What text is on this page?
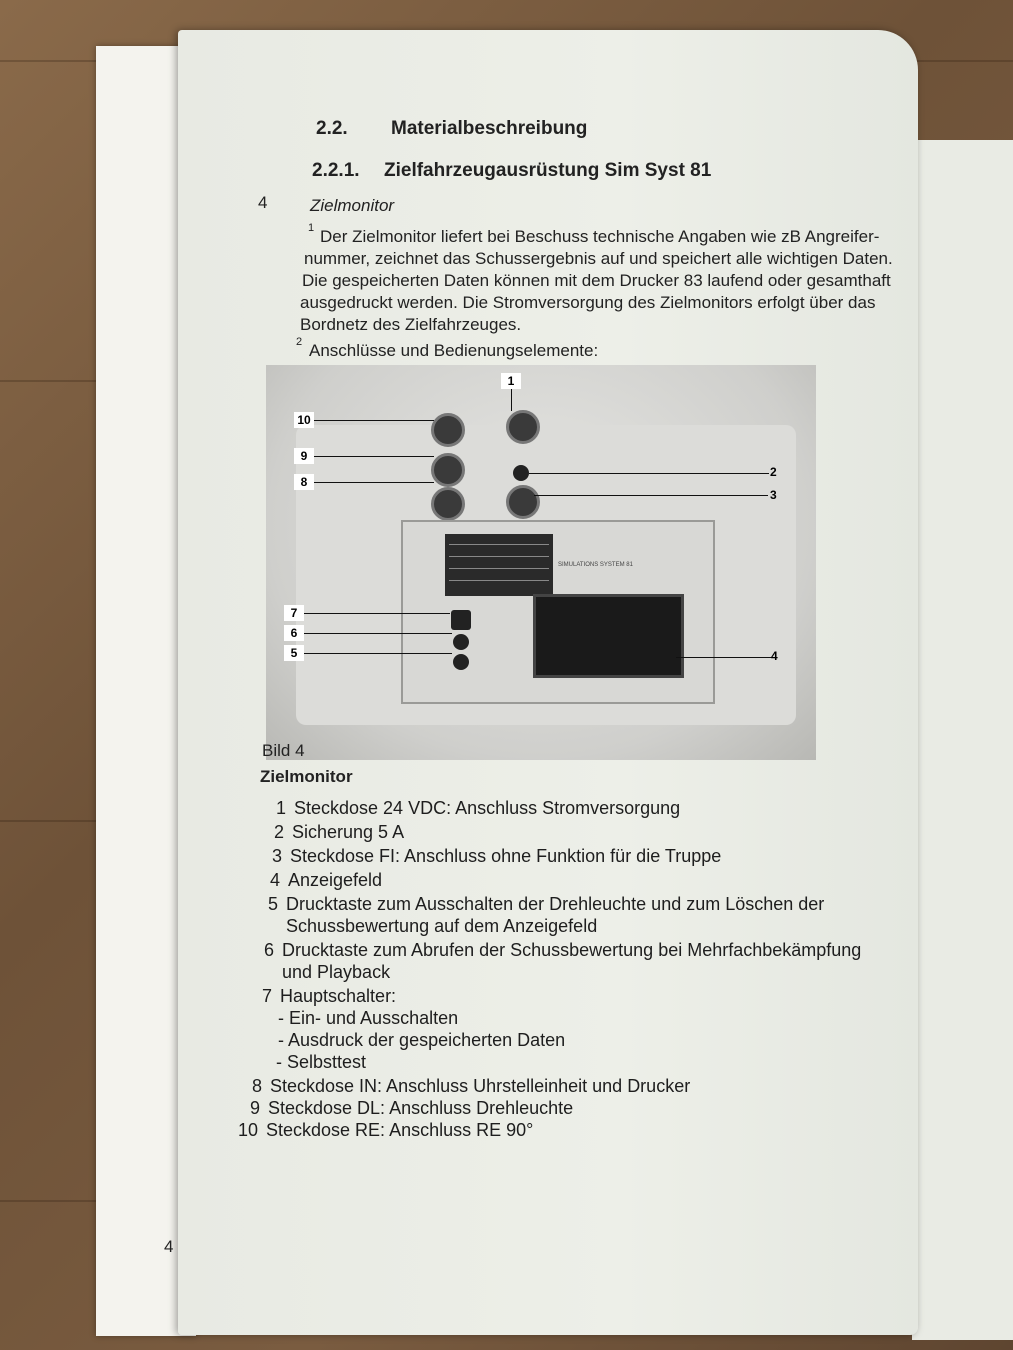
2.2. Materialbeschreibung
2.2.1. Zielfahrzeugausrüstung Sim Syst 81
4	Zielmonitor
1 Der Zielmonitor liefert bei Beschuss technische Angaben wie zB Angreifer-
nummer, zeichnet das Schussergebnis auf und speichert alle wichtigen Daten.
Die gespeicherten Daten können mit dem Drucker 83 laufend oder gesamthaft
ausgedruckt werden. Die Stromversorgung des Zielmonitors erfolgt über das
Bordnetz des Zielfahrzeuges.
2 Anschlüsse und Bedienungselemente:
SIMULATIONS SYSTEM 81
1
10
9
8
2
3
4
7
6
5
Bild 4
Zielmonitor
1 Steckdose 24 VDC: Anschluss Stromversorgung
2 Sicherung 5 A
3 Steckdose FI: Anschluss ohne Funktion für die Truppe
4 Anzeigefeld
5 Drucktaste zum Ausschalten der Drehleuchte und zum Löschen der
Schussbewertung auf dem Anzeigefeld
6 Drucktaste zum Abrufen der Schussbewertung bei Mehrfachbekämpfung
und Playback
7 Hauptschalter:
- Ein- und Ausschalten
- Ausdruck der gespeicherten Daten
- Selbsttest
8 Steckdose IN: Anschluss Uhrstelleinheit und Drucker
9 Steckdose DL: Anschluss Drehleuchte
10 Steckdose RE: Anschluss RE 90°
4
